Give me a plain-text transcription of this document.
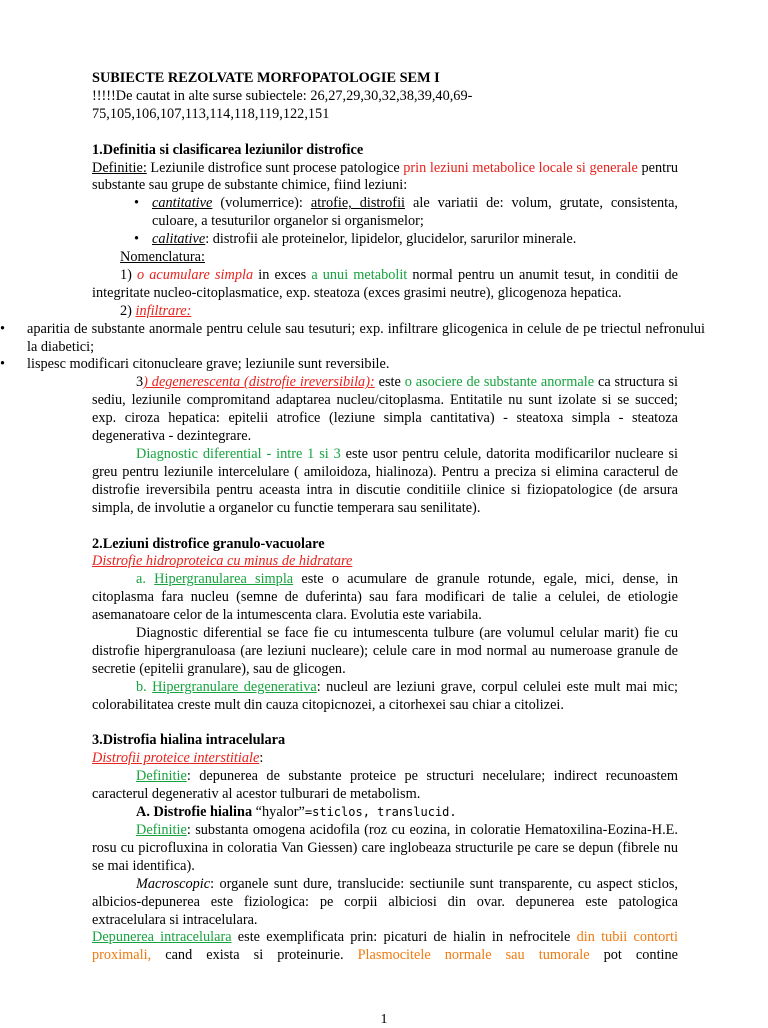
SUBIECTE REZOLVATE MORFOPATOLOGIE SEM I

!!!!!De cautat in alte surse subiectele: 26,27,29,30,32,38,39,40,69-

75,105,106,107,113,114,118,119,122,151

1.Definitia si clasificarea leziunilor distrofice

Definitie: Leziunile distrofice sunt procese patologice prin leziuni metabolice locale si generale pentru substante sau grupe de substante chimice, fiind leziuni:

• cantitative (volumerrice): atrofie, distrofii ale variatii de: volum, grutate, consistenta, culoare, a tesuturilor organelor si organismelor;

• calitative: distrofii ale proteinelor, lipidelor, glucidelor, sarurilor minerale.

Nomenclatura:

1) o acumulare simpla in exces a unui metabolit normal pentru un anumit tesut, in conditii de integritate nucleo-citoplasmatice, exp. steatoza (exces grasimi neutre), glicogenoza hepatica.

2) infiltrare:

• aparitia de substante anormale pentru celule sau tesuturi; exp. infiltrare glicogenica in celule de pe triectul nefronului la diabetici;

• lispesc modificari citonucleare grave; leziunile sunt reversibile.

3) degenerescenta (distrofie ireversibila): este o asociere de substante anormale ca structura si sediu, leziunile compromitand adaptarea nucleu/citoplasma. Entitatile nu sunt izolate si se succed; exp. ciroza hepatica: epitelii atrofice (leziune simpla cantitativa) - steatoxa simpla - steatoza degenerativa - dezintegrare.

Diagnostic diferential - intre 1 si 3 este usor pentru celule, datorita modificarilor nucleare si greu pentru leziunile intercelulare ( amiloidoza, hialinoza). Pentru a preciza si elimina caracterul de distrofie ireversibila pentru aceasta intra in discutie conditiile clinice si fiziopatologice (de arsura simpla, de involutie a organelor cu functie temperara sau senilitate).

2.Leziuni distrofice granulo-vacuolare

Distrofie hidroproteica cu minus de hidratare

a. Hipergranularea simpla este o acumulare de granule rotunde, egale, mici, dense, in citoplasma fara nucleu (semne de duferinta) sau fara modificari de talie a celulei, de etiologie asemanatoare celor de la intumescenta clara. Evolutia este variabila.

Diagnostic diferential se face fie cu intumescenta tulbure (are volumul celular marit) fie cu distrofie hipergranuloasa (are leziuni nucleare); celule care in mod normal au numeroase granule de secretie (epitelii granulare), sau de glicogen.

b. Hipergranulare degenerativa: nucleul are leziuni grave, corpul celulei este mult mai mic; colorabilitatea creste mult din cauza citopicnozei, a citorhexei sau chiar a citolizei.

3.Distrofia hialina intracelulara

Distrofii proteice interstitiale:

Definitie: depunerea de substante proteice pe structuri necelulare; indirect recunoastem caracterul degenerativ al acestor tulburari de metabolism.

A. Distrofie hialina “hyalor”=sticlos, translucid.

Definitie: substanta omogena acidofila (roz cu eozina, in coloratie Hematoxilina-Eozina-H.E. rosu cu picrofluxina in coloratia Van Giessen) care inglobeaza structurile pe care se depun (fibrele nu se mai identifica).

Macroscopic: organele sunt dure, translucide: sectiunile sunt transparente, cu aspect sticlos, albicios-depunerea este fiziologica: pe corpii albiciosi din ovar. depunerea este patologica extracelulara si intracelulara.

Depunerea intracelulara este exemplificata prin: picaturi de hialin in nefrocitele din tubii contorti proximali, cand exista si proteinurie. Plasmocitele normale sau tumorale pot contine

1
